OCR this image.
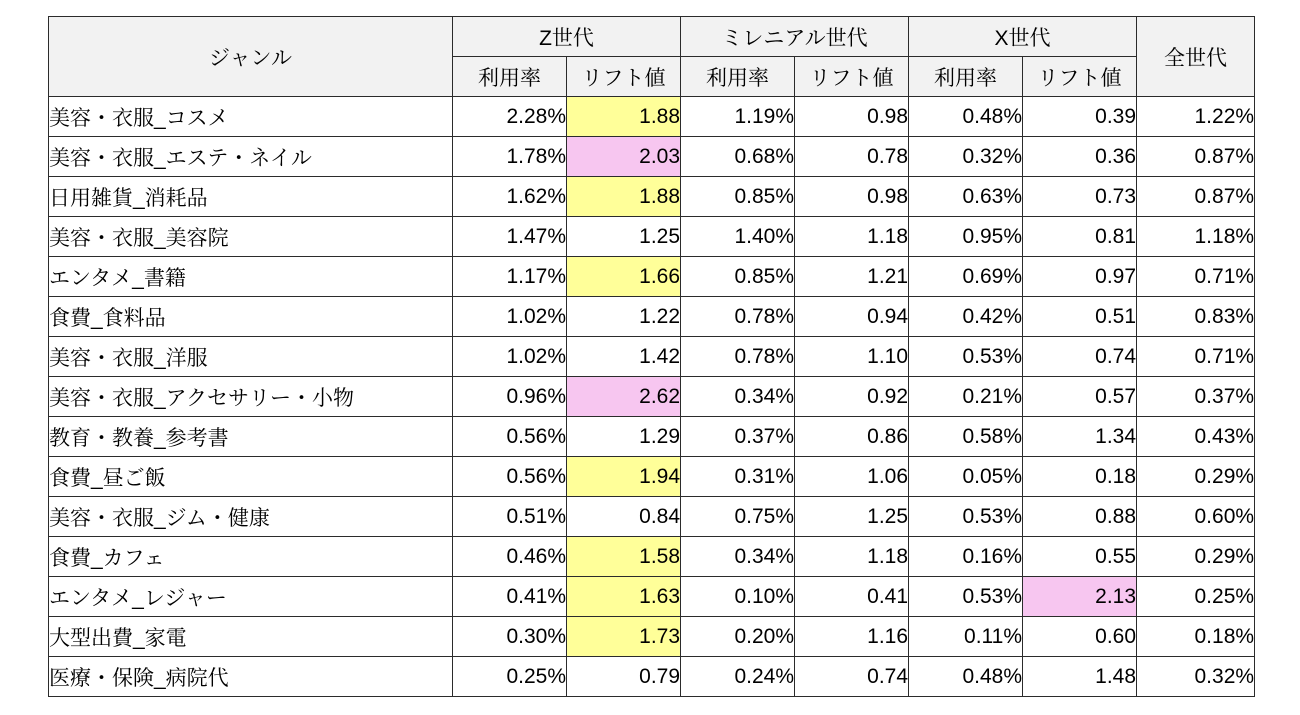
ジャンル	Z世代		ミレニアル世代		X世代		全世代
	利用率	リフト値	利用率	リフト値	利用率	リフト値	
美容・衣服_コスメ	2.28%	1.88	1.19%	0.98	0.48%	0.39	1.22%
美容・衣服_エステ・ネイル	1.78%	2.03	0.68%	0.78	0.32%	0.36	0.87%
日用雑貨_消耗品	1.62%	1.88	0.85%	0.98	0.63%	0.73	0.87%
美容・衣服_美容院	1.47%	1.25	1.40%	1.18	0.95%	0.81	1.18%
エンタメ_書籍	1.17%	1.66	0.85%	1.21	0.69%	0.97	0.71%
食費_食料品	1.02%	1.22	0.78%	0.94	0.42%	0.51	0.83%
美容・衣服_洋服	1.02%	1.42	0.78%	1.10	0.53%	0.74	0.71%
美容・衣服_アクセサリー・小物	0.96%	2.62	0.34%	0.92	0.21%	0.57	0.37%
教育・教養_参考書	0.56%	1.29	0.37%	0.86	0.58%	1.34	0.43%
食費_昼ご飯	0.56%	1.94	0.31%	1.06	0.05%	0.18	0.29%
美容・衣服_ジム・健康	0.51%	0.84	0.75%	1.25	0.53%	0.88	0.60%
食費_カフェ	0.46%	1.58	0.34%	1.18	0.16%	0.55	0.29%
エンタメ_レジャー	0.41%	1.63	0.10%	0.41	0.53%	2.13	0.25%
大型出費_家電	0.30%	1.73	0.20%	1.16	0.11%	0.60	0.18%
医療・保険_病院代	0.25%	0.79	0.24%	0.74	0.48%	1.48	0.32%
